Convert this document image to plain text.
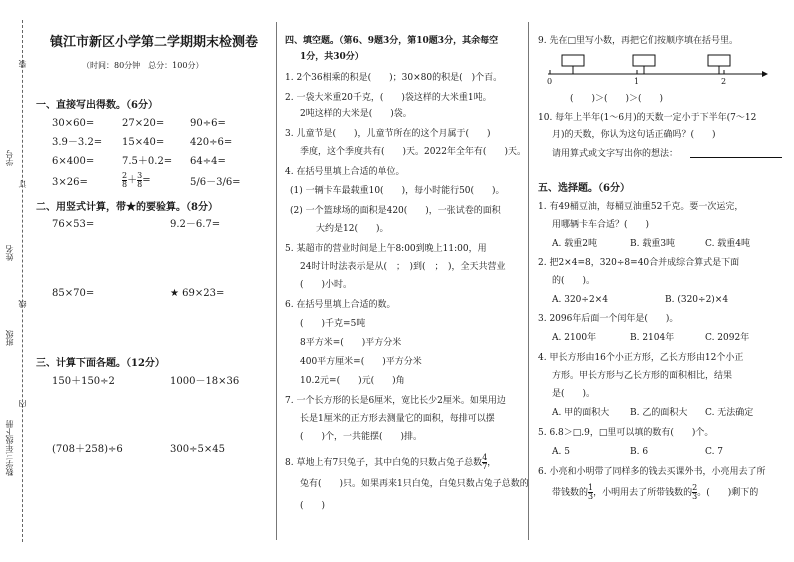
学号
姓名
班级
数学三年级下册
装
订
线
内
镇江市新区小学第二学期期末检测卷
（时间：80分钟　总分：100分）
一、直接写出得数。（6分）
30×60=	27×20=	90÷6=
3.9－3.2= 15×40=	420÷6=
6×400=	7.5＋0.2= 64÷4=
3×26=	$\frac{2}{8} + \frac{3}{8}$ =	5/6－3/6=
二、用竖式计算，带★的要验算。（8分）
76×53=	9.2－6.7=
85×70=	★ 69×23=
三、计算下面各题。（12分）
150＋150÷2	1000－18×36
(708＋258)÷6	300÷5×45
四、填空题。（第6、9题3分，第10题3分，其余每空
1分，共30分）
1. 2个36相乘的积是(　　)；30×80的积是(　)个百。
2. 一袋大米重20千克，(　　)袋这样的大米重1吨。
2吨这样的大米是(　　)袋。
3. 儿童节是(　　)，儿童节所在的这个月属于(　　)
季度，这个季度共有(　　)天。2022年全年有(　　)天。
4. 在括号里填上合适的单位。
(1) 一辆卡车最载重10(　　)，每小时能行50(　　)。
(2) 一个篮球场的面积是420(　　)，一张试卷的面积
大约是12(　　)。
5. 某超市的营业时间是上午8:00到晚上11:00，用
24时计时法表示是从(　；　)到(　；　)，全天共营业
(　　)小时。
6. 在括号里填上合适的数。
(　　)千克=5吨
8平方米=(　　)平方分米
400平方厘米=(　　)平方分米
10.2元=(　　)元(　　)角
7. 一个长方形的长是6厘米，宽比长少2厘米。如果用边
长是1厘米的正方形去测量它的面积，每排可以摆
(　　)个，一共能摆(　　)排。
8. 草地上有7只兔子，其中白兔的只数占兔子总数 $\frac{4}{7}$ ，
兔有(　　)只。如果再来1只白兔，白兔只数占兔子总数的
(　　)
9. 先在□里写小数，再把它们按顺序填在括号里。
0	1	2
(　　)＞(　　)＞(　　)
10. 每年上半年(1～6月)的天数一定小于下半年(7～12
月)的天数，你认为这句话正确吗？(　　)
请用算式或文字写出你的想法：
五、选择题。（6分）
1. 有49桶豆油，每桶豆油重52千克。要一次运完，
用哪辆卡车合适？(　　)
A. 载重2吨	B. 载重3吨	C. 载重4吨
2. 把2×4=8，320÷8=40合并成综合算式是下面
的(　　)。
A. 320÷2×4	B. (320÷2)×4
3. 2096年后面一个闰年是(　　)。
A. 2100年	B. 2104年	C. 2092年
4. 甲长方形由16个小正方形，乙长方形由12个小正
方形。甲长方形与乙长方形的面积相比，结果
是(　　)。
A. 甲的面积大 B. 乙的面积大 C. 无法确定
5. 6.8＞□.9，□里可以填的数有(　　)个。
A. 5	B. 6	C. 7
6. 小亮和小明带了同样多的钱去买课外书，小亮用去了所
带钱数的 $\frac{1}{3}$ ，小明用去了所带钱数的 $\frac{2}{3}$ 。(　　)剩下的
